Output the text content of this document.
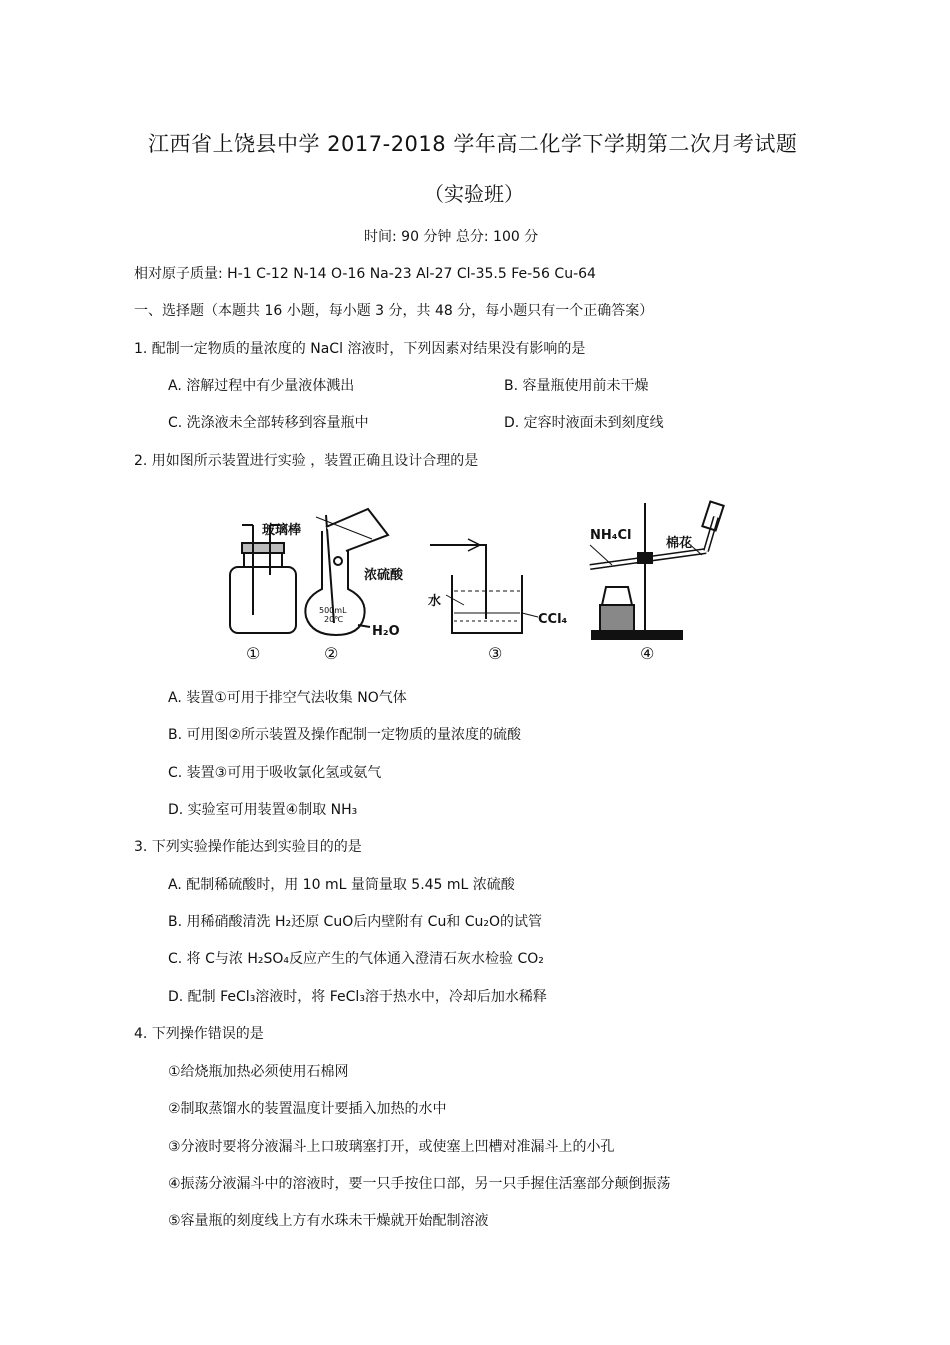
江西省上饶县中学 2017-2018 学年高二化学下学期第二次月考试题
（实验班）
时间: 90 分钟 总分: 100 分
相对原子质量: H-1 C-12 N-14 O-16 Na-23 Al-27 Cl-35.5 Fe-56 Cu-64
一、选择题（本题共 16 小题，每小题 3 分，共 48 分，每小题只有一个正确答案）
1. 配制一定物质的量浓度的 NaCl 溶液时，下列因素对结果没有影响的是
A. 溶解过程中有少量液体溅出	B. 容量瓶使用前未干燥
C. 洗涤液未全部转移到容量瓶中	D. 定容时液面未到刻度线
2. 用如图所示装置进行实验 ，装置正确且设计合理的是
玻璃棒
浓硫酸
H₂O
水
CCl₄
NH₄Cl
棉花
500mL
20℃
①	②	③	④
A. 装置①可用于排空气法收集 NO气体
B. 可用图②所示装置及操作配制一定物质的量浓度的硫酸
C. 装置③可用于吸收氯化氢或氨气
D. 实验室可用装置④制取 NH₃
3. 下列实验操作能达到实验目的的是
A. 配制稀硫酸时，用 10 mL 量筒量取 5.45 mL 浓硫酸
B. 用稀硝酸清洗 H₂还原 CuO后内壁附有 Cu和 Cu₂O的试管
C. 将 C与浓 H₂SO₄反应产生的气体通入澄清石灰水检验 CO₂
D. 配制 FeCl₃溶液时，将 FeCl₃溶于热水中，冷却后加水稀释
4. 下列操作错误的是
①给烧瓶加热必须使用石棉网
②制取蒸馏水的装置温度计要插入加热的水中
③分液时要将分液漏斗上口玻璃塞打开，或使塞上凹槽对准漏斗上的小孔
④振荡分液漏斗中的溶液时，要一只手按住口部，另一只手握住活塞部分颠倒振荡
⑤容量瓶的刻度线上方有水珠未干燥就开始配制溶液
